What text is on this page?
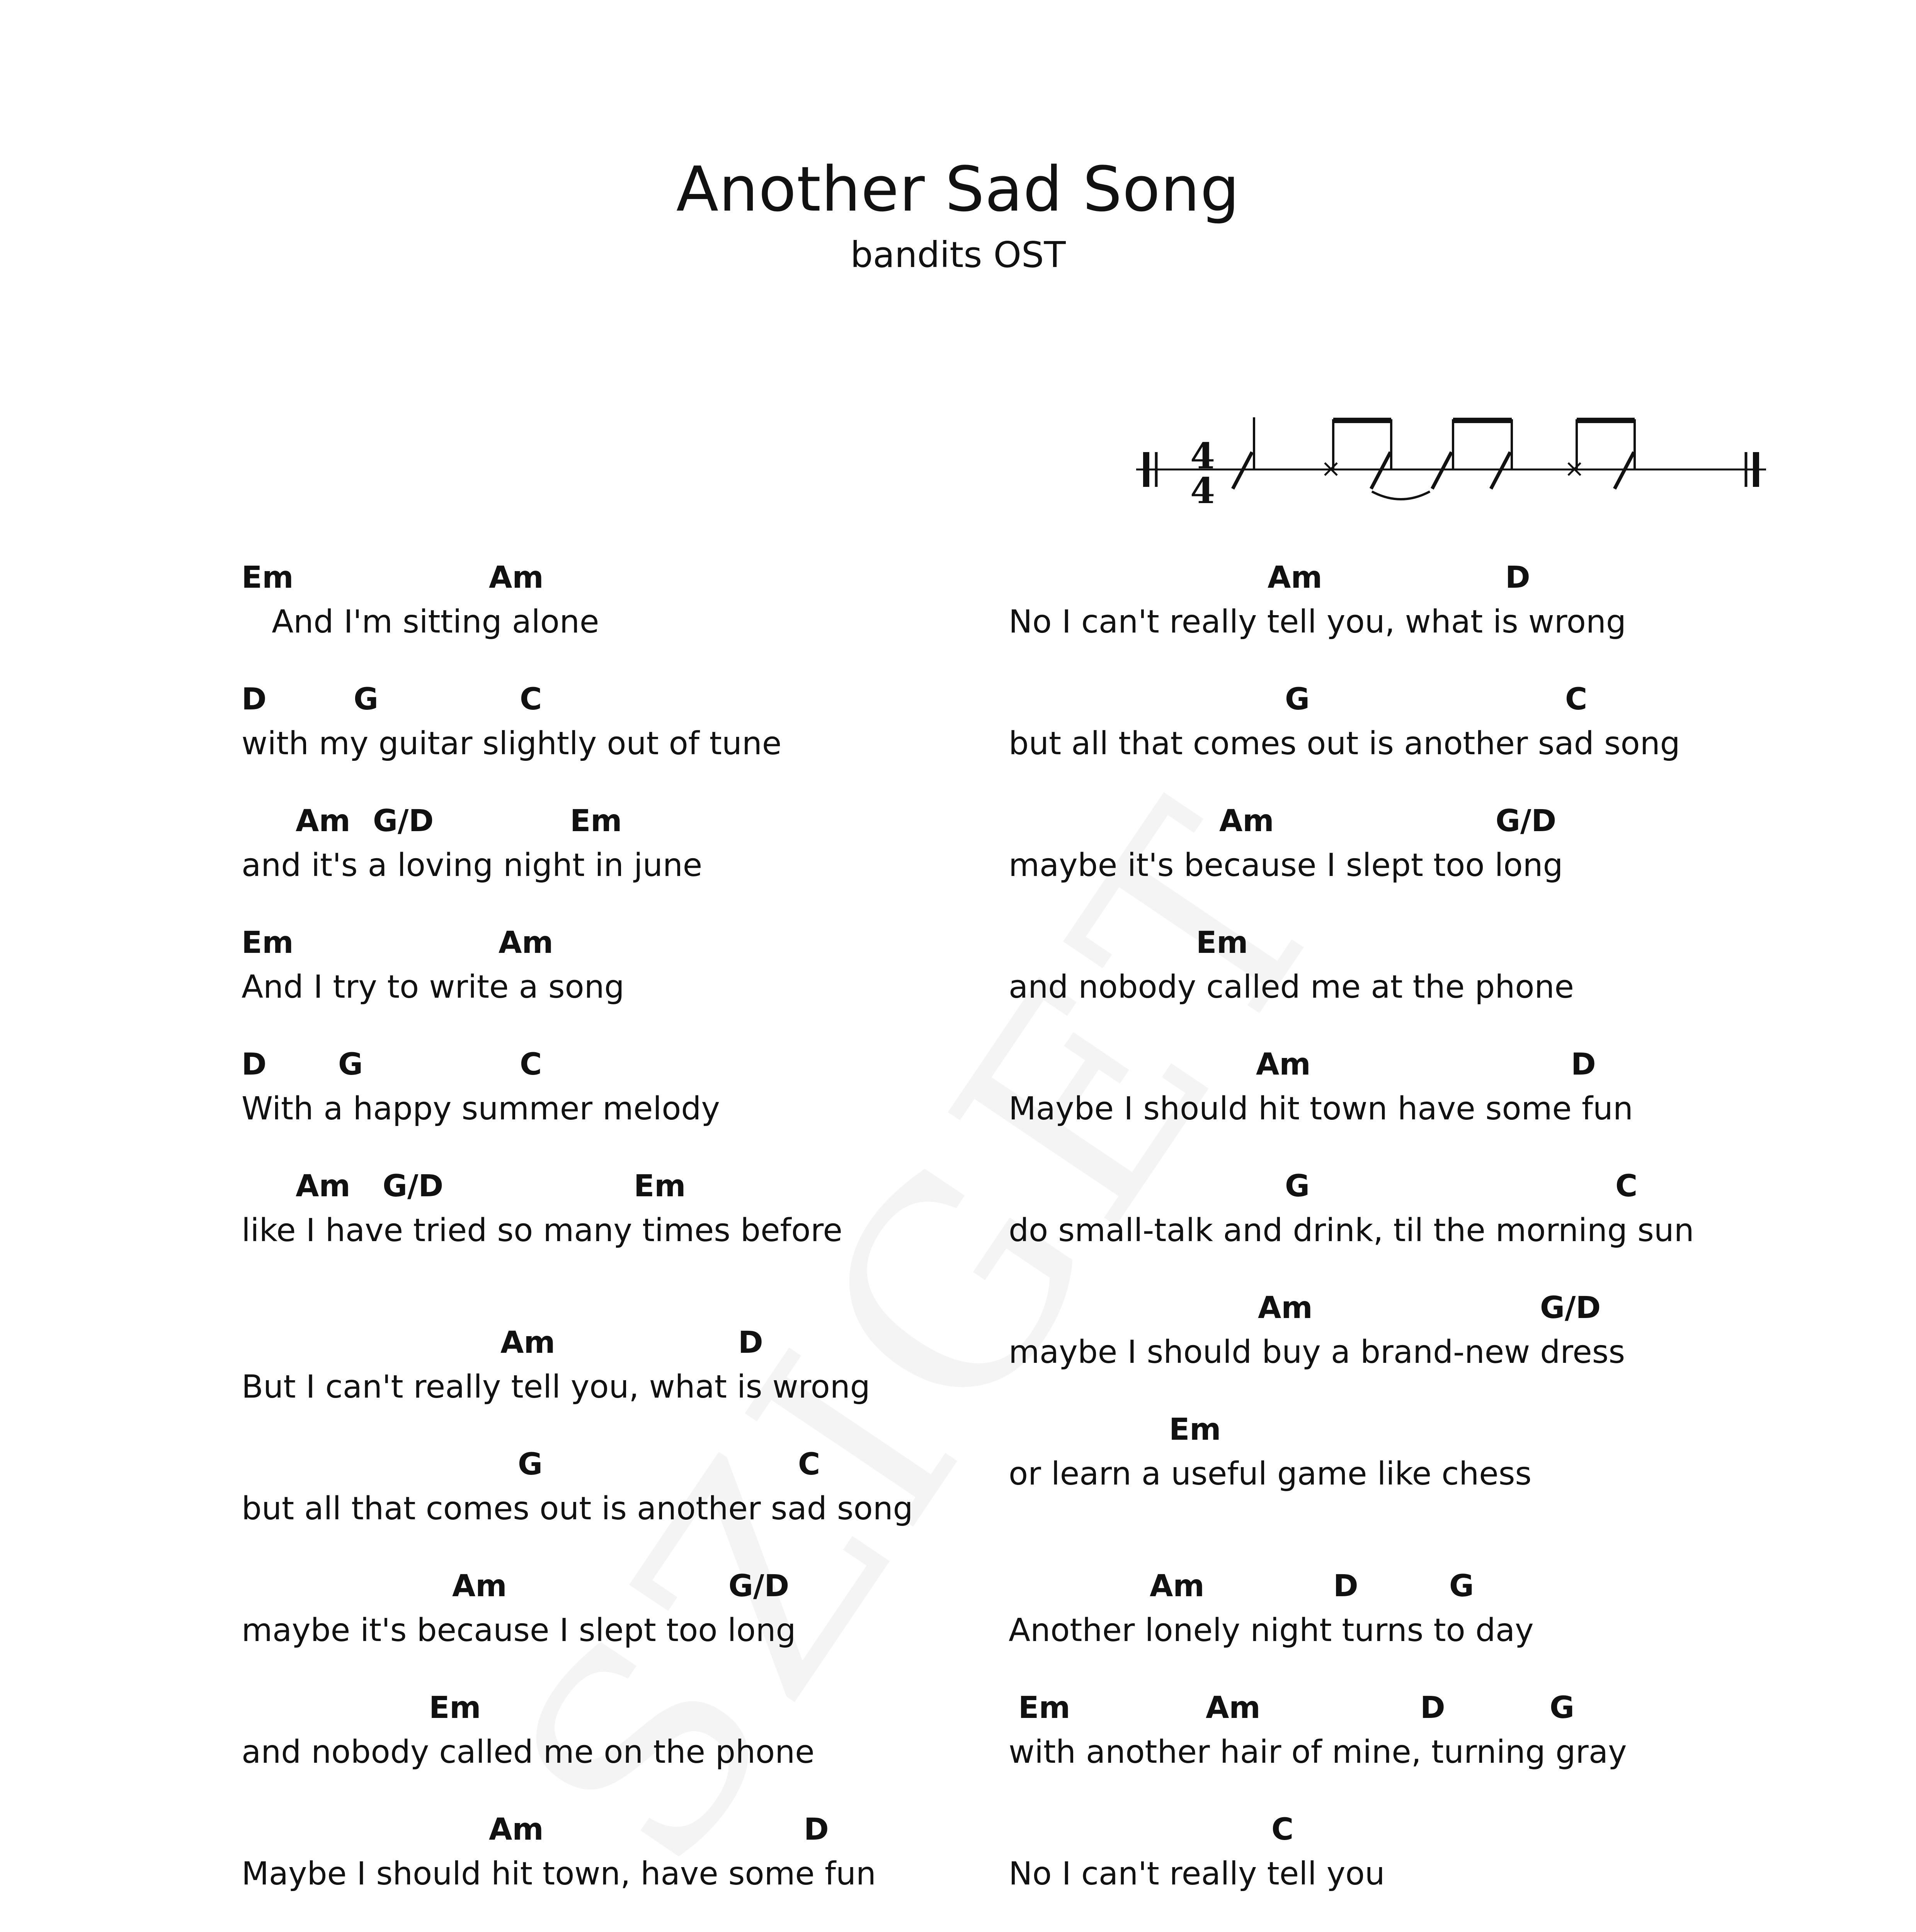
Another Sad Song
bandits OST
4
4
Em	Am
And I'm sitting alone
D	G	C
with my guitar slightly out of tune
Am G/D	Em
and it's a loving night in june
Em	Am
And I try to write a song
D G	C
With a happy summer melody
Am G/D	Em
like I have tried so many times before
Am	D
But I can't really tell you, what is wrong
G	C
but all that comes out is another sad song
Am	G/D
maybe it's because I slept too long
Em
and nobody called me on the phone
Am	D
Maybe I should hit town, have some fun
Am	D
No I can't really tell you, what is wrong
G	C
but all that comes out is another sad song
Am	G/D
maybe it's because I slept too long
Em
and nobody called me at the phone
Am	D
Maybe I should hit town have some fun
G	C
do small-talk and drink, til the morning sun
Am	G/D
maybe I should buy a brand-new dress
Em
or learn a useful game like chess
Am	D	G
Another lonely night turns to day
Em	Am	D	G
with another hair of mine, turning gray
C
No I can't really tell you
